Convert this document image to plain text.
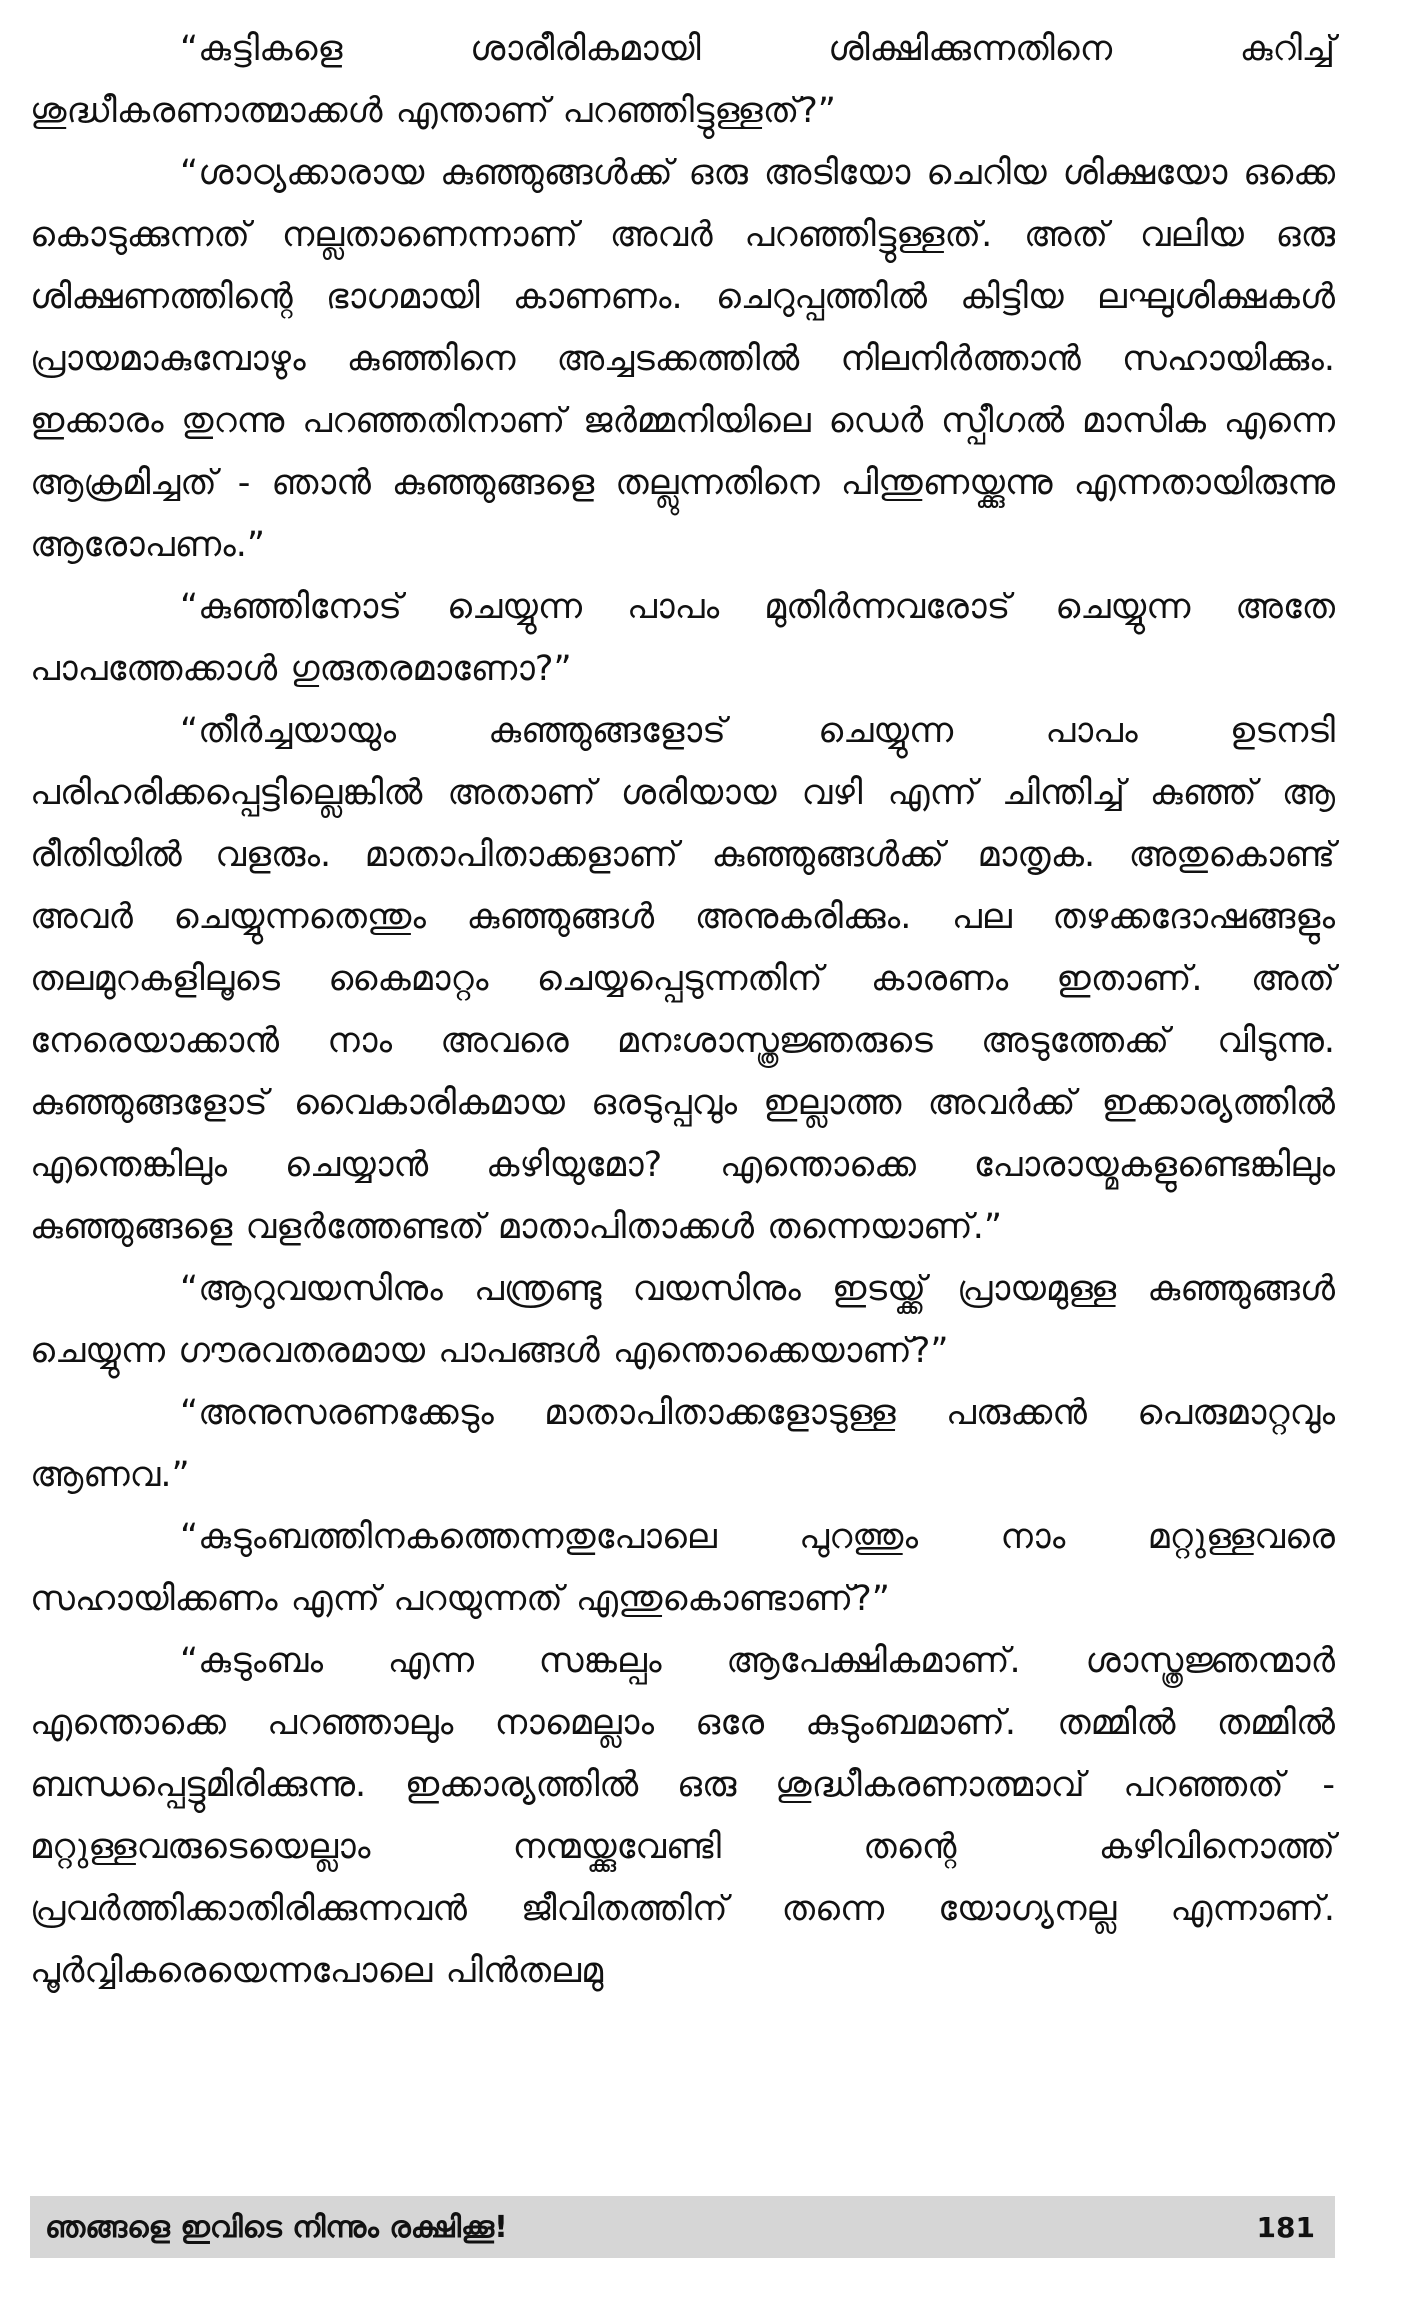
“കുട്ടികളെ ശാരീരികമായി ശിക്ഷിക്കുന്നതിനെ കുറിച്ച് ശുദ്ധീകരണാത്മാക്കൾ എന്താണ് പറഞ്ഞിട്ടുള്ളത്?”

“ശാഠ്യക്കാരായ കുഞ്ഞുങ്ങൾക്ക് ഒരു അടിയോ ചെറിയ ശിക്ഷയോ ഒക്കെ കൊടുക്കുന്നത് നല്ലതാണെന്നാണ് അവർ പറഞ്ഞിട്ടുള്ളത്. അത് വലിയ ഒരു ശിക്ഷണത്തിന്റെ ഭാഗമായി കാണണം. ചെറുപ്പത്തിൽ കിട്ടിയ ലഘുശിക്ഷകൾ പ്രായമാകുമ്പോഴും കുഞ്ഞിനെ അച്ചടക്കത്തിൽ നിലനിർത്താൻ സഹായിക്കും. ഇക്കാരം തുറന്നു പറഞ്ഞതിനാണ് ജർമ്മനിയിലെ ഡെർ സ്പീഗൽ മാസിക എന്നെ ആക്രമിച്ചത് - ഞാൻ കുഞ്ഞുങ്ങളെ തല്ലുന്നതിനെ പിന്തുണയ്ക്കുന്നു എന്നതായിരുന്നു ആരോപണം.”

“കുഞ്ഞിനോട് ചെയ്യുന്ന പാപം മുതിർന്നവരോട് ചെയ്യുന്ന അതേ പാപത്തേക്കാൾ ഗുരുതരമാണോ?”

“തീർച്ചയായും കുഞ്ഞുങ്ങളോട് ചെയ്യുന്ന പാപം ഉടനടി പരിഹരിക്കപ്പെട്ടില്ലെങ്കിൽ അതാണ് ശരിയായ വഴി എന്ന് ചിന്തിച്ച് കുഞ്ഞ് ആ രീതിയിൽ വളരും. മാതാപിതാക്കളാണ് കുഞ്ഞുങ്ങൾക്ക് മാതൃക. അതുകൊണ്ട് അവർ ചെയ്യുന്നതെന്തും കുഞ്ഞുങ്ങൾ അനുകരിക്കും. പല തഴക്കദോഷങ്ങളും തലമുറകളിലൂടെ കൈമാറ്റം ചെയ്യപ്പെടുന്നതിന് കാരണം ഇതാണ്. അത് നേരെയാക്കാൻ നാം അവരെ മനഃശാസ്ത്രജ്ഞരുടെ അടുത്തേക്ക് വിടുന്നു. കുഞ്ഞുങ്ങളോട് വൈകാരികമായ ഒരടുപ്പവും ഇല്ലാത്ത അവർക്ക് ഇക്കാര്യത്തിൽ എന്തെങ്കിലും ചെയ്യാൻ കഴിയുമോ? എന്തൊക്കെ പോരായ്മകളുണ്ടെങ്കിലും കുഞ്ഞുങ്ങളെ വളർത്തേണ്ടത് മാതാപിതാക്കൾ തന്നെയാണ്.”

“ആറുവയസിനും പന്ത്രണ്ടു വയസിനും ഇടയ്ക്ക് പ്രായമുള്ള കുഞ്ഞുങ്ങൾ ചെയ്യുന്ന ഗൗരവതരമായ പാപങ്ങൾ എന്തൊക്കെയാണ്?”

“അനുസരണക്കേടും മാതാപിതാക്കളോടുള്ള പരുക്കൻ പെരുമാറ്റവും ആണവ.”

“കുടുംബത്തിനകത്തെന്നതുപോലെ പുറത്തും നാം മറ്റുള്ളവരെ സഹായിക്കണം എന്ന് പറയുന്നത് എന്തുകൊണ്ടാണ്?”

“കുടുംബം എന്ന സങ്കല്പം ആപേക്ഷികമാണ്. ശാസ്ത്രജ്ഞന്മാർ എന്തൊക്കെ പറഞ്ഞാലും നാമെല്ലാം ഒരേ കുടുംബമാണ്. തമ്മിൽ തമ്മിൽ ബന്ധപ്പെട്ടുമിരിക്കുന്നു. ഇക്കാര്യത്തിൽ ഒരു ശുദ്ധീകരണാത്മാവ് പറഞ്ഞത് - മറ്റുള്ളവരുടെയെല്ലാം നന്മയ്ക്കുവേണ്ടി തന്റെ കഴിവിനൊത്ത് പ്രവർത്തിക്കാതിരിക്കുന്നവൻ ജീവിതത്തിന് തന്നെ യോഗ്യനല്ല എന്നാണ്. പൂർവ്വികരെയെന്നപോലെ പിൻതലമു

ഞങ്ങളെ ഇവിടെ നിന്നും രക്ഷിക്കൂ!	181
